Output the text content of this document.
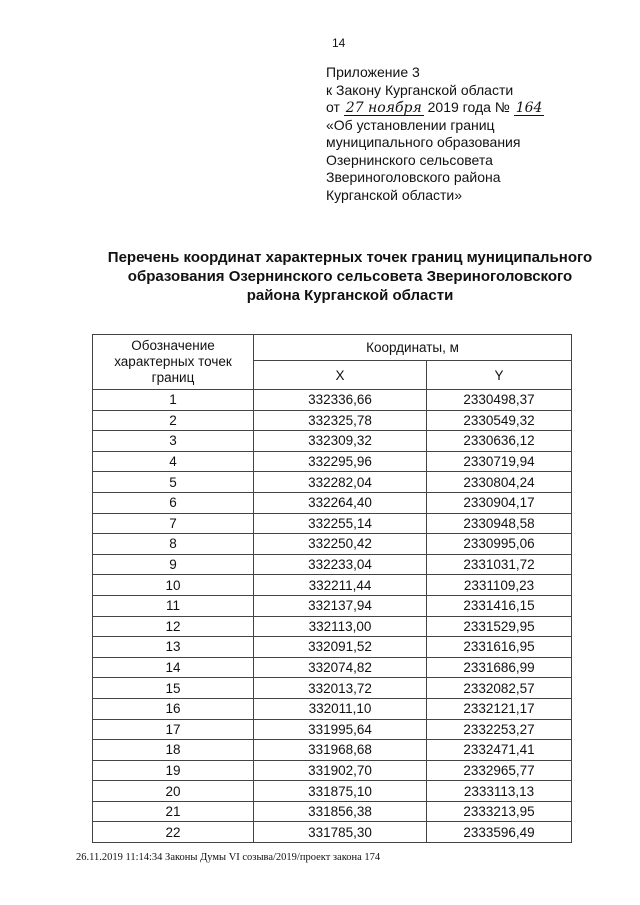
14
Приложение 3
к Закону Курганской области
от 27 ноября 2019 года № 164
«Об установлении границ
муниципального образования
Озернинского сельсовета
Звериноголовского района
Курганской области»
Перечень координат характерных точек границ муниципального
образования Озернинского сельсовета Звериноголовского
района Курганской области
Обозначение характерных точек границ	Координаты, м	
	X	Y
1	332336,66	2330498,37
2	332325,78	2330549,32
3	332309,32	2330636,12
4	332295,96	2330719,94
5	332282,04	2330804,24
6	332264,40	2330904,17
7	332255,14	2330948,58
8	332250,42	2330995,06
9	332233,04	2331031,72
10	332211,44	2331109,23
11	332137,94	2331416,15
12	332113,00	2331529,95
13	332091,52	2331616,95
14	332074,82	2331686,99
15	332013,72	2332082,57
16	332011,10	2332121,17
17	331995,64	2332253,27
18	331968,68	2332471,41
19	331902,70	2332965,77
20	331875,10	2333113,13
21	331856,38	2333213,95
22	331785,30	2333596,49
26.11.2019 11:14:34 Законы Думы VI созыва/2019/проект закона 174
